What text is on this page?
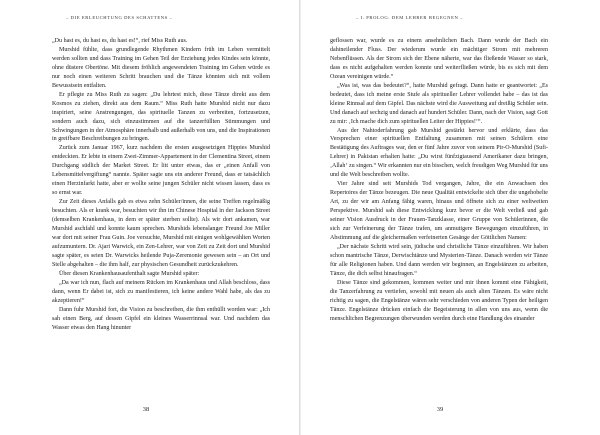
– DIE ERLEUCHTUNG DES SCHATTENS –

„Du hast es, du hast es, du hast es!“, rief Miss Ruth aus.

Murshid fühlte, dass grundlegende Rhythmen Kindern früh im Leben vermittelt werden sollten und dass Training im Gehen Teil der Erziehung jedes Kindes sein könnte, ohne düstere Obertöne. Mit diesem fröhlich angewendeten Training im Gehen würde es nur noch einen weiteren Schritt brauchen und die Tänze könnten sich mit vollem Bewusstsein entfalten.

Er pflegte zu Miss Ruth zu sagen: „Du lehrtest mich, diese Tänze direkt aus dem Kosmos zu ziehen, direkt aus dem Raum.“ Miss Ruth hatte Murshid nicht nur dazu inspiriert, seine Anstrengungen, das spirituelle Tanzen zu verbreiten, fortzusetzen, sondern auch dazu, sich einzustimmen auf die tanzerfüllten Stimmungen und Schwingungen in der Atmosphäre innerhalb und außerhalb von uns, und die Inspirationen in greifbare Beschreibungen zu bringen.

Zurück zum Januar 1967, kurz nachdem die ersten ausgesetzigen Hippies Murshid entdeckten. Er lebte in einem Zwei-Zimmer-Appartement in der Clementina Street, einem Durchgang südlich der Market Street. Er litt unter etwas, das er „einen Anfall von Lebensmittelvergiftung“ nannte. Später sagte uns ein anderer Freund, dass er tatsächlich einen Herzinfarkt hatte, aber er wollte seine jungen Schüler nicht wissen lassen, dass es so ernst war.

Zur Zeit dieses Anfalls gab es etwa zehn Schüler/innen, die seine Treffen regelmäßig besuchten. Als er krank war, besuchten wir ihn im Chinese Hospital in der Jackson Street (demselben Krankenhaus, in dem er später sterben sollte). Als wir dort ankamen, war Murshid aschfahl und konnte kaum sprechen. Murshids lebenslanger Freund Joe Miller war dort mit seiner Frau Guin. Joe versuchte, Murshid mit einigen wohlgewählten Worten aufzumuntern. Dr. Ajari Warwick, ein Zen-Lehrer, war von Zeit zu Zeit dort und Murshid sagte später, es seien Dr. Warwicks heilende Puja-Zeremonie gewesen sein – an Ort und Stelle abgehalten – die ihm half, zur physischen Gesundheit zurückzukehren.

Über diesen Krankenhausaufenthalt sagte Murshid später:

„Da war ich nun, flach auf meinem Rücken im Krankenhaus und Allah beschloss, dass dann, wenn Er dabei ist, sich zu manifestieren, ich keine andere Wahl habe, als das zu akzeptieren!“

Dann fuhr Murshid fort, die Vision zu beschreiben, die ihm enthüllt worden war: „Ich sah einen Berg, auf dessen Gipfel ein kleines Wasserrinnsal war. Und nachdem das Wasser etwas den Hang hinunter

38
– I. PROLOG: DEM LEHRER BEGEGNEN –

geflossen war, wurde es zu einem ansehnlichen Bach. Dann wurde der Bach ein dahineilender Fluss. Der wiederum wurde ein mächtiger Strom mit mehreren Nebenflüssen. Als der Strom sich der Ebene näherte, war das fließende Wasser so stark, dass es nicht aufgehalten werden konnte und weiterfließen würde, bis es sich mit dem Ozean vereinigen würde.“

„Was ist, was das bedeutet?“, hatte Murshid gefragt. Dann hatte er geantwortet: „Es bedeutet, dass ich meine erste Stufe als spiritueller Lehrer vollendet habe – das ist das kleine Rinnsal auf dem Gipfel. Das nächste wird die Ausweitung auf dreißig Schüler sein. Und danach auf sechzig und danach auf hundert Schüler. Dann, nach der Vision, sagt Gott zu mir: ‚Ich mache dich zum spirituellen Leiter der Hippies!‘“.

Aus der Nahtoderfahrung gab Murshid gestärkt hervor und erklärte, dass das Versprechen einer spirituellen Entfaltung zusammen mit seinen Schülern eine Bestätigung des Auftrages war, den er fünf Jahre zuvor von seinem Pir-O-Murshid (Sufi-Lehrer) in Pakistan erhalten hatte: „Du wirst fünfzigtausend Amerikaner dazu bringen, ‚Allah‘ zu singen.“ Wir erkannten nur ein bisschen, welch freudigen Weg Murshid für uns und die Welt beschreiben wollte.

Vier Jahre sind seit Murshids Tod vergangen, Jahre, die ein Anwachsen des Repertoires der Tänze bezeugen. Die neue Qualität entwickelte sich über die ungehobelte Art, zu der wir am Anfang fähig waren, hinaus und öffnete sich zu einer weltweiten Perspektive. Murshid sah diese Entwicklung kurz bevor er die Welt verließ und gab seiner Vision Ausdruck in der Frauen-Tanzklasse, einer Gruppe von Schülerinnen, die sich zur Verfeinerung der Tänze trafen, um anmutigere Bewegungen einzuführen, in Abstimmung auf die gleichermaßen verfeinerten Gesänge der Göttlichen Namen:

„Der nächste Schritt wird sein, jüdische und christliche Tänze einzuführen. Wir haben schon mantrische Tänze, Derwischtänze und Mysterien-Tänze. Danach werden wir Tänze für alle Religionen haben. Und dann werden wir beginnen, an Engelstänzen zu arbeiten, Tänze, die dich selbst hinaufragen.“

Diese Tänze sind gekommen, kommen weiter und mir ihnen kommt eine Fähigkeit, die Tanzerfahrung zu vertiefen, sowohl mit neuen als auch alten Tänzen. Es wäre nicht richtig zu sagen, die Engelstänze wären sehr verschieden von anderen Typen der heiligen Tänze. Engelstänze drücken einfach die Begeisterung in allen von uns aus, wenn die menschlichen Begrenzungen überwunden werden durch eine Handlung des einander

39
